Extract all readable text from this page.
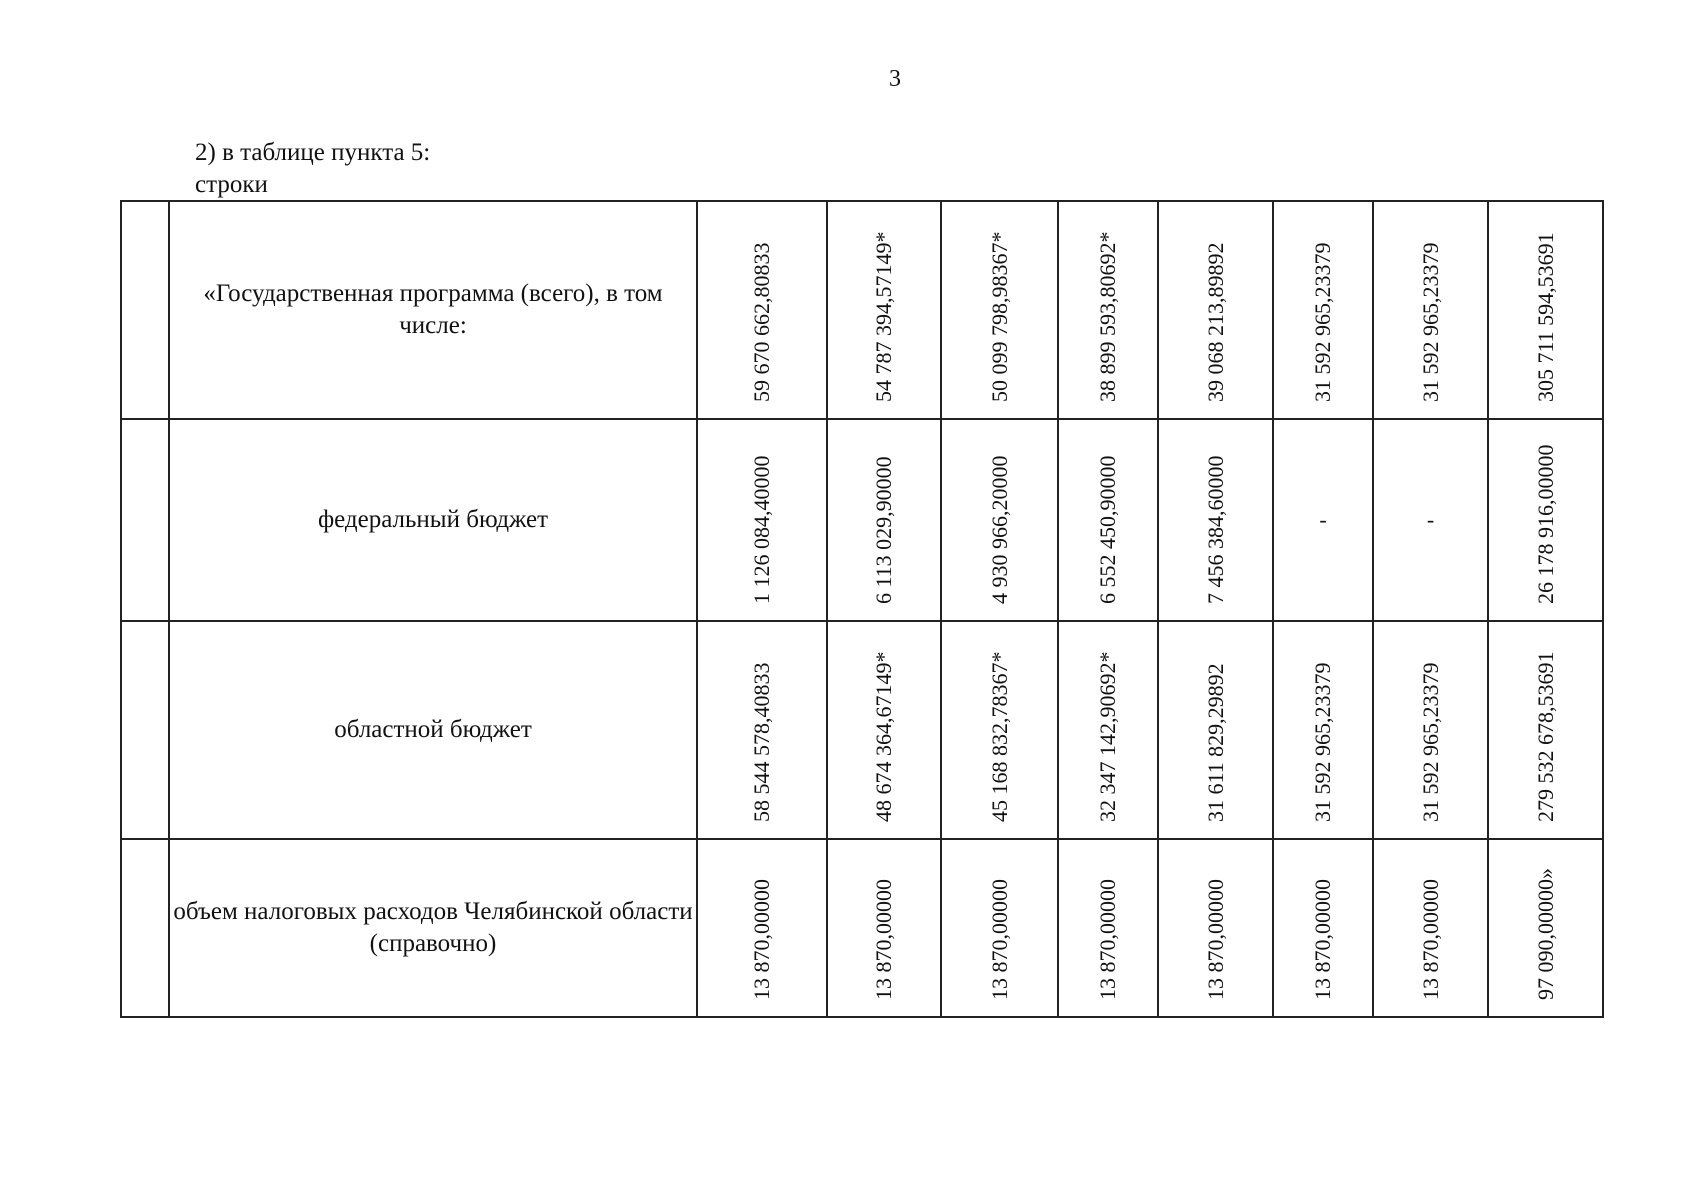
3
2) в таблице пункта 5:
строки
	«Государственная программа (всего), в том числе:	59 670 662,80833	54 787 394,57149*	50 099 798,98367*	38 899 593,80692*	39 068 213,89892	31 592 965,23379	31 592 965,23379	305 711 594,53691

	федеральный бюджет	1 126 084,40000	6 113 029,90000	4 930 966,20000	6 552 450,90000	7 456 384,60000	-	-	26 178 916,00000

	областной бюджет	58 544 578,40833	48 674 364,67149*	45 168 832,78367*	32 347 142,90692*	31 611 829,29892	31 592 965,23379	31 592 965,23379	279 532 678,53691

	объем налоговых расходов Челябинской области (справочно)	13 870,00000	13 870,00000	13 870,00000	13 870,00000	13 870,00000	13 870,00000	13 870,00000	97 090,00000»
